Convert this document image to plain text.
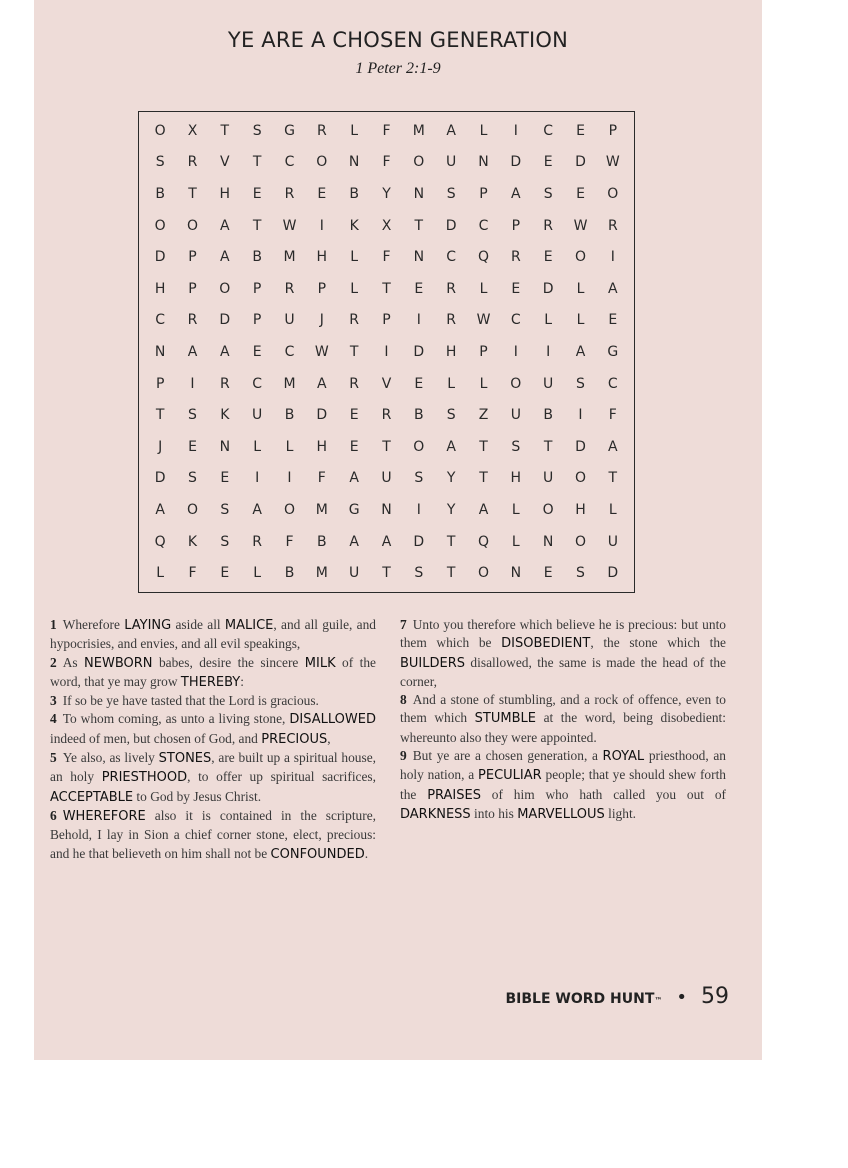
YE ARE A CHOSEN GENERATION
1 Peter 2:1-9
O	X	T	S	G	R	L	F	M	A	L	I	C	E	P
S	R	V	T	C	O	N	F	O	U	N	D	E	D	W
B	T	H	E	R	E	B	Y	N	S	P	A	S	E	O
O	O	A	T	W	I	K	X	T	D	C	P	R	W	R
D	P	A	B	M	H	L	F	N	C	Q	R	E	O	I
H	P	O	P	R	P	L	T	E	R	L	E	D	L	A
C	R	D	P	U	J	R	P	I	R	W	C	L	L	E
N	A	A	E	C	W	T	I	D	H	P	I	I	A	G
P	I	R	C	M	A	R	V	E	L	L	O	U	S	C
T	S	K	U	B	D	E	R	B	S	Z	U	B	I	F
J	E	N	L	L	H	E	T	O	A	T	S	T	D	A
D	S	E	I	I	F	A	U	S	Y	T	H	U	O	T
A	O	S	A	O	M	G	N	I	Y	A	L	O	H	L
Q	K	S	R	F	B	A	A	D	T	Q	L	N	O	U
L	F	E	L	B	M	U	T	S	T	O	N	E	S	D

1 Wherefore LAYING aside all MALICE, and all guile, and hypocrisies, and envies, and all evil speakings,

2 As NEWBORN babes, desire the sincere MILK of the word, that ye may grow THEREBY:

3 If so be ye have tasted that the Lord is gracious.

4 To whom coming, as unto a living stone, DISALLOWED indeed of men, but chosen of God, and PRECIOUS,

5 Ye also, as lively STONES, are built up a spiritual house, an holy PRIESTHOOD, to offer up spiritual sacrifices, ACCEPTABLE to God by Jesus Christ.

6 WHEREFORE also it is contained in the scripture, Behold, I lay in Sion a chief corner stone, elect, precious: and he that believeth on him shall not be CONFOUNDED.

7 Unto you therefore which believe he is precious: but unto them which be DISOBEDIENT, the stone which the BUILDERS disallowed, the same is made the head of the corner,

8 And a stone of stumbling, and a rock of offence, even to them which STUMBLE at the word, being disobedient: whereunto also they were appointed.

9 But ye are a chosen generation, a ROYAL priesthood, an holy nation, a PECULIAR people; that ye should shew forth the PRAISES of him who hath called you out of DARKNESS into his MARVELLOUS light.

BIBLE WORD HUNT ™ • 59
